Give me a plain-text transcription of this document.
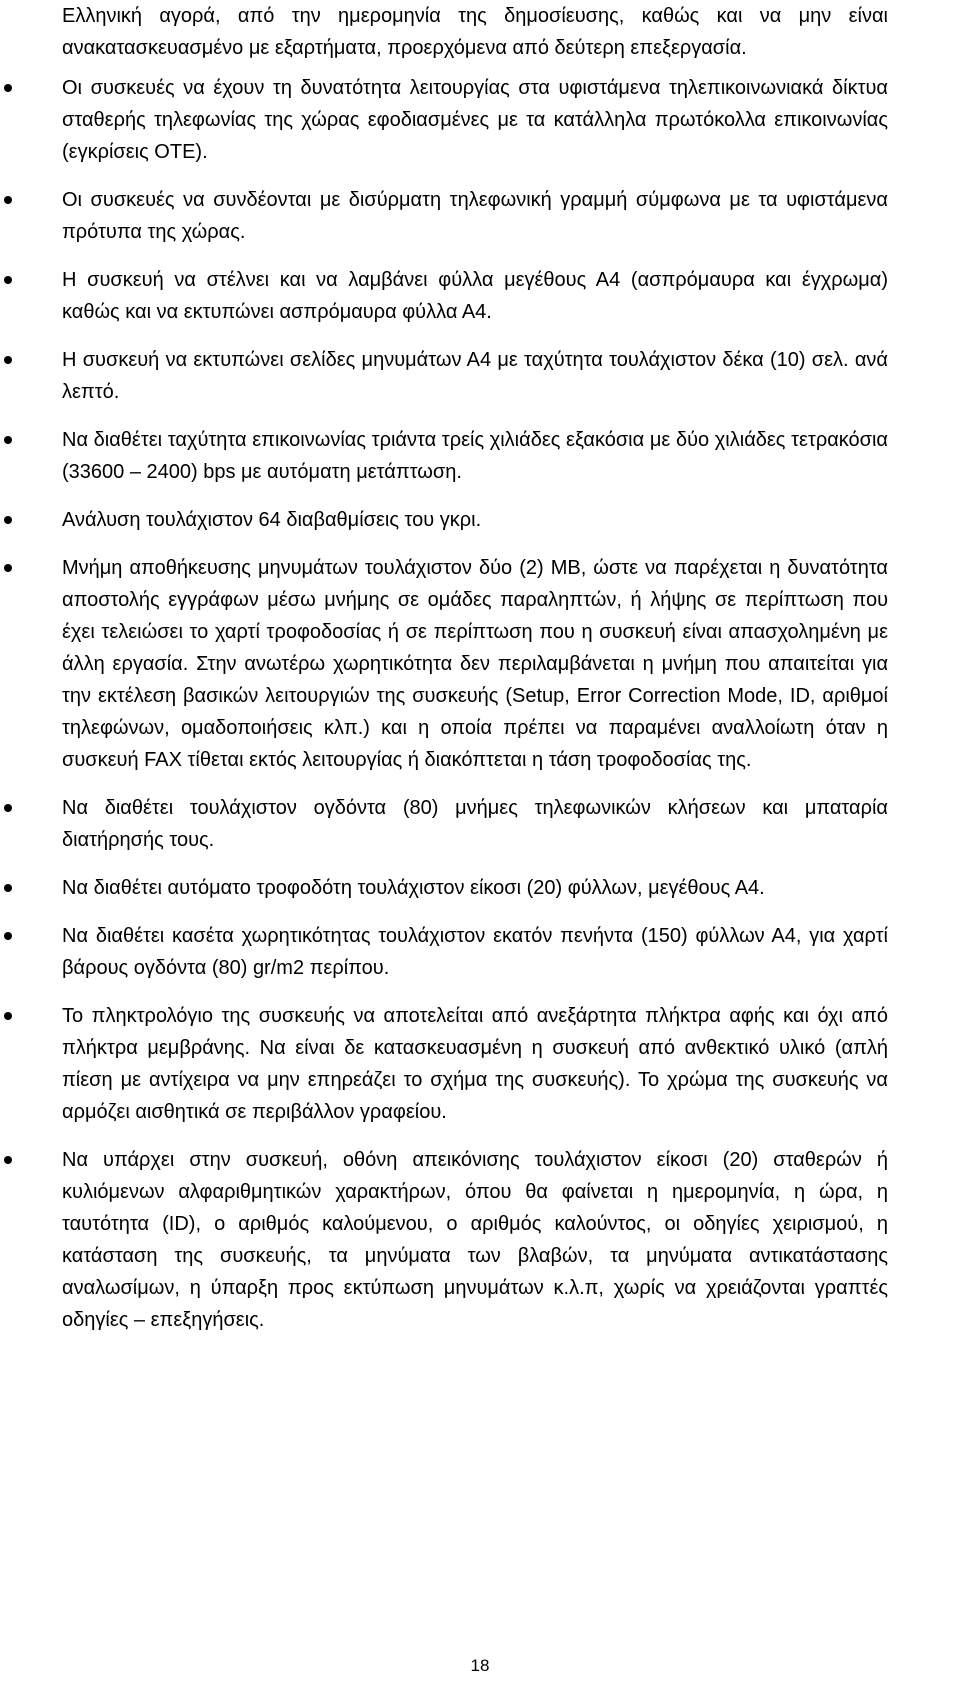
Ελληνική αγορά, από την ημερομηνία της δημοσίευσης, καθώς και να μην είναι ανακατασκευασμένο με εξαρτήματα, προερχόμενα από δεύτερη επεξεργασία.

Οι συσκευές να έχουν τη δυνατότητα λειτουργίας στα υφιστάμενα τηλεπικοινωνιακά δίκτυα σταθερής τηλεφωνίας της χώρας εφοδιασμένες με τα κατάλληλα πρωτόκολλα επικοινωνίας (εγκρίσεις ΟΤΕ).
Οι συσκευές να συνδέονται με δισύρματη τηλεφωνική γραμμή σύμφωνα με τα υφιστάμενα πρότυπα της χώρας.
Η συσκευή να στέλνει και να λαμβάνει φύλλα μεγέθους Α4 (ασπρόμαυρα και έγχρωμα) καθώς και να εκτυπώνει ασπρόμαυρα φύλλα Α4.
Η συσκευή να εκτυπώνει σελίδες μηνυμάτων Α4 με ταχύτητα τουλάχιστον δέκα (10) σελ. ανά λεπτό.
Να διαθέτει ταχύτητα επικοινωνίας τριάντα τρείς χιλιάδες εξακόσια με δύο χιλιάδες τετρακόσια (33600 – 2400) bps με αυτόματη μετάπτωση.
Ανάλυση τουλάχιστον 64 διαβαθμίσεις του γκρι.
Μνήμη αποθήκευσης μηνυμάτων τουλάχιστον δύο (2) ΜΒ, ώστε να παρέχεται η δυνατότητα αποστολής εγγράφων μέσω μνήμης σε ομάδες παραληπτών, ή λήψης σε περίπτωση που έχει τελειώσει το χαρτί τροφοδοσίας ή σε περίπτωση που η συσκευή είναι απασχολημένη με άλλη εργασία. Στην ανωτέρω χωρητικότητα δεν περιλαμβάνεται η μνήμη που απαιτείται για την εκτέλεση βασικών λειτουργιών της συσκευής (Setup, Error Correction Mode, ID, αριθμοί τηλεφώνων, ομαδοποιήσεις κλπ.) και η οποία πρέπει να παραμένει αναλλοίωτη όταν η συσκευή FAX τίθεται εκτός λειτουργίας ή διακόπτεται η τάση τροφοδοσίας της.
Να διαθέτει τουλάχιστον ογδόντα (80) μνήμες τηλεφωνικών κλήσεων και μπαταρία διατήρησής τους.
Να διαθέτει αυτόματο τροφοδότη τουλάχιστον είκοσι (20) φύλλων, μεγέθους Α4.
Να διαθέτει κασέτα χωρητικότητας τουλάχιστον εκατόν πενήντα (150) φύλλων Α4, για χαρτί βάρους ογδόντα (80) gr/m2 περίπου.
Το πληκτρολόγιο της συσκευής να αποτελείται από ανεξάρτητα πλήκτρα αφής και όχι από πλήκτρα μεμβράνης. Να είναι δε κατασκευασμένη η συσκευή από ανθεκτικό υλικό (απλή πίεση με αντίχειρα να μην επηρεάζει το σχήμα της συσκευής). Το χρώμα της συσκευής να αρμόζει αισθητικά σε περιβάλλον γραφείου.
Να υπάρχει στην συσκευή, οθόνη απεικόνισης τουλάχιστον είκοσι (20) σταθερών ή κυλιόμενων αλφαριθμητικών χαρακτήρων, όπου θα φαίνεται η ημερομηνία, η ώρα, η ταυτότητα (ID), ο αριθμός καλούμενου, ο αριθμός καλούντος, οι οδηγίες χειρισμού, η κατάσταση της συσκευής, τα μηνύματα των βλαβών, τα μηνύματα αντικατάστασης αναλωσίμων, η ύπαρξη προς εκτύπωση μηνυμάτων κ.λ.π, χωρίς να χρειάζονται γραπτές οδηγίες – επεξηγήσεις.

18
